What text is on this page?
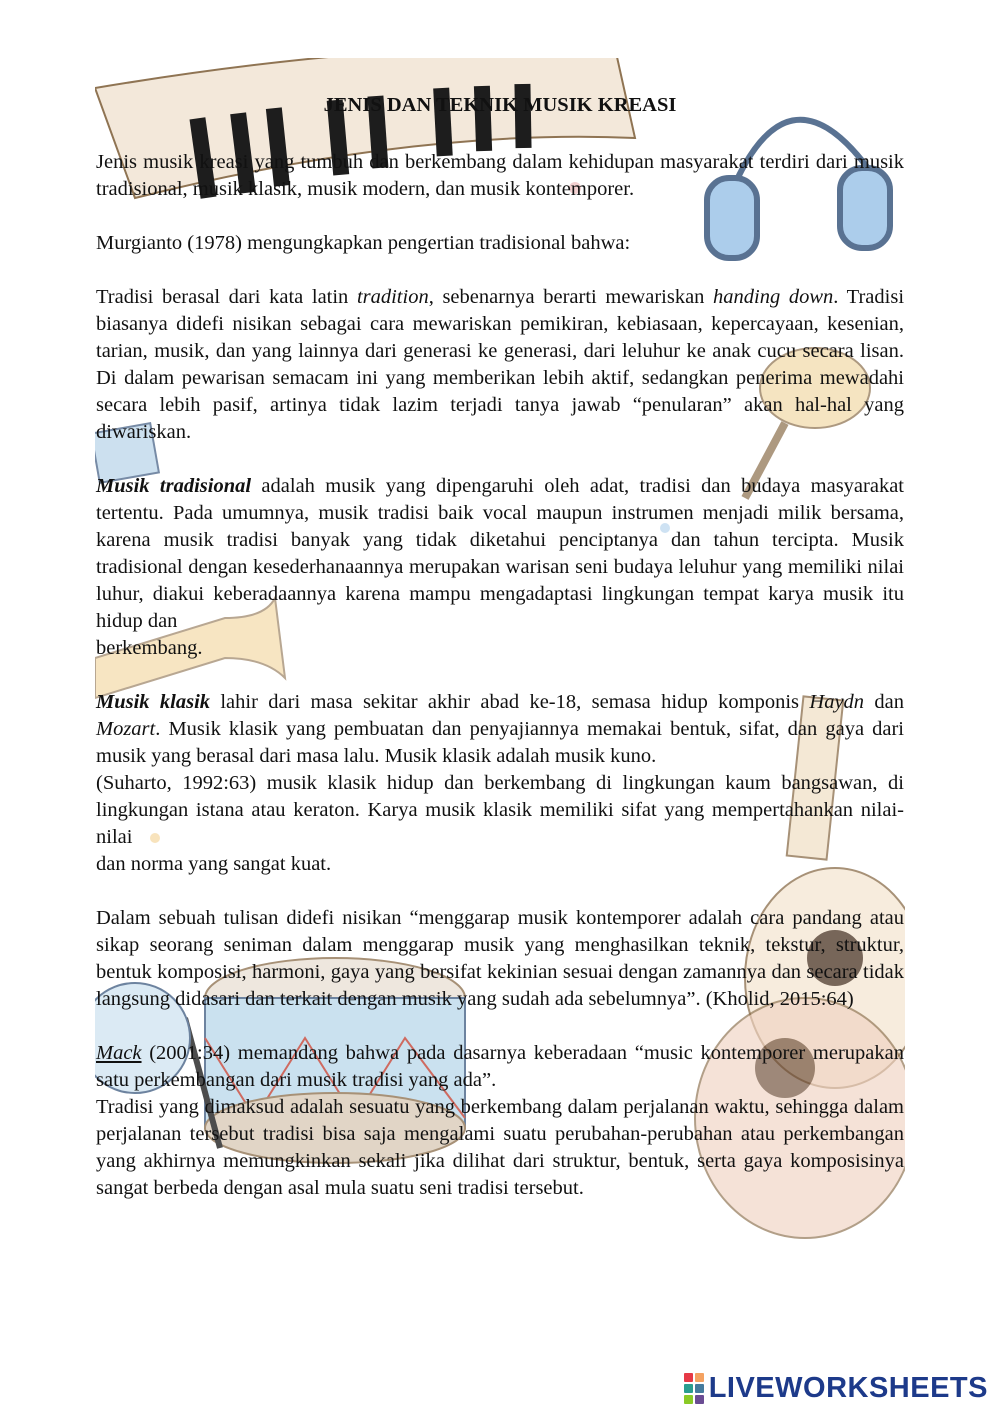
JENIS DAN TEKNIK MUSIK KREASI

Jenis musik kreasi yang tumbuh dan berkembang dalam kehidupan masyarakat terdiri dari musik tradisional, musik klasik, musik modern, dan musik kontemporer.

Murgianto (1978) mengungkapkan pengertian tradisional bahwa:

Tradisi berasal dari kata latin tradition, sebenarnya berarti mewariskan handing down. Tradisi biasanya didefi nisikan sebagai cara mewariskan pemikiran, kebiasaan, kepercayaan, kesenian, tarian, musik, dan yang lainnya dari generasi ke generasi, dari leluhur ke anak cucu secara lisan. Di dalam pewarisan semacam ini yang memberikan lebih aktif, sedangkan penerima mewadahi secara lebih pasif, artinya tidak lazim terjadi tanya jawab “penularan” akan hal-hal yang diwariskan.

Musik tradisional adalah musik yang dipengaruhi oleh adat, tradisi dan budaya masyarakat tertentu. Pada umumnya, musik tradisi baik vocal maupun instrumen menjadi milik bersama, karena musik tradisi banyak yang tidak diketahui penciptanya dan tahun tercipta. Musik tradisional dengan kesederhanaannya merupakan warisan seni budaya leluhur yang memiliki nilai luhur, diakui keberadaannya karena mampu mengadaptasi lingkungan tempat karya musik itu hidup dan

berkembang.

Musik klasik lahir dari masa sekitar akhir abad ke-18, semasa hidup komponis Haydn dan Mozart. Musik klasik yang pembuatan dan penyajiannya memakai bentuk, sifat, dan gaya dari musik yang berasal dari masa lalu. Musik klasik adalah musik kuno.

(Suharto, 1992:63) musik klasik hidup dan berkembang di lingkungan kaum bangsawan, di lingkungan istana atau keraton. Karya musik klasik memiliki sifat yang mempertahankan nilai-nilai

dan norma yang sangat kuat.

Dalam sebuah tulisan didefi nisikan “menggarap musik kontemporer adalah cara pandang atau sikap seorang seniman dalam menggarap musik yang menghasilkan teknik, tekstur, struktur, bentuk komposisi, harmoni, gaya yang bersifat kekinian sesuai dengan zamannya dan secara tidak langsung didasari dan terkait dengan musik yang sudah ada sebelumnya”. (Kholid, 2015:64)

Mack (2001:34) memandang bahwa pada dasarnya keberadaan “music kontemporer merupakan satu perkembangan dari musik tradisi yang ada”.

Tradisi yang dimaksud adalah sesuatu yang berkembang dalam perjalanan waktu, sehingga dalam perjalanan tersebut tradisi bisa saja mengalami suatu perubahan-perubahan atau perkembangan yang akhirnya memungkinkan sekali jika dilihat dari struktur, bentuk, serta gaya komposisinya sangat berbeda dengan asal mula suatu seni tradisi tersebut.

LIVEWORKSHEETS
